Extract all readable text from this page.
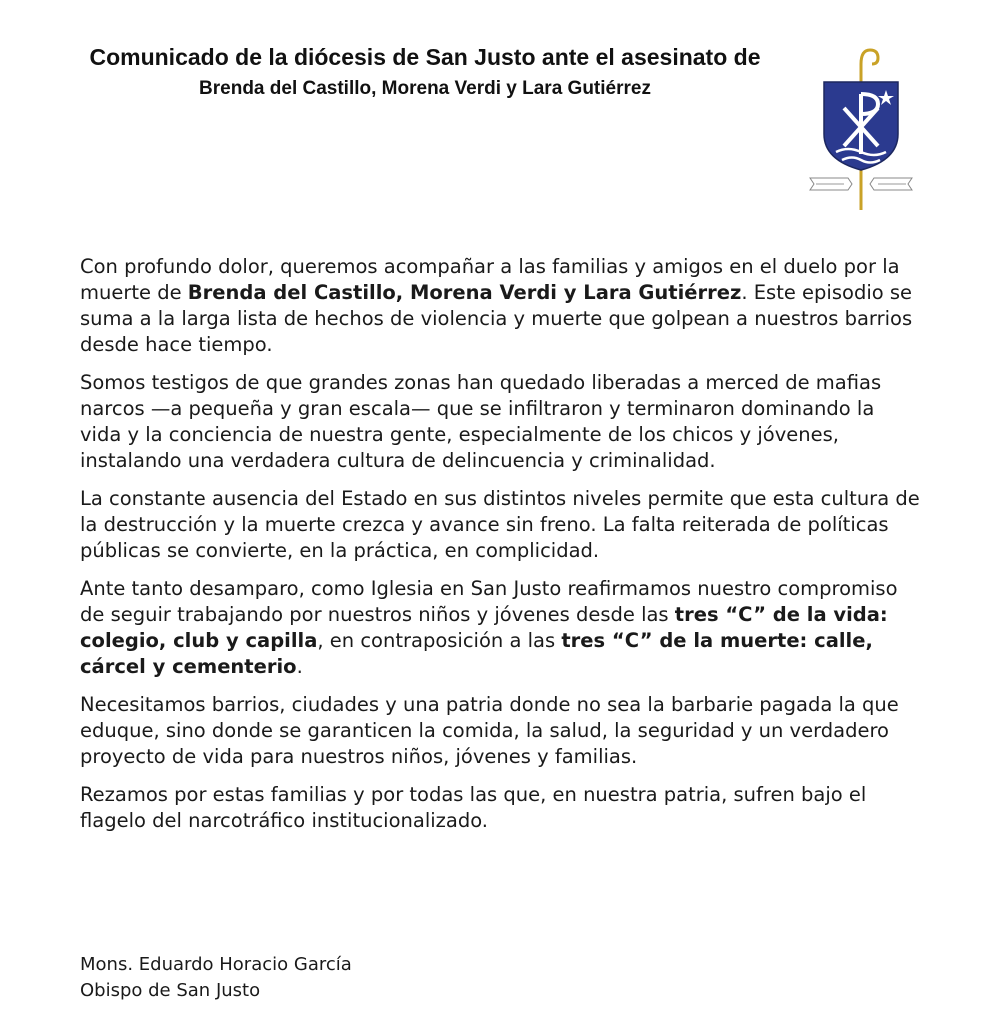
Comunicado de la diócesis de San Justo ante el asesinato de
Brenda del Castillo, Morena Verdi y Lara Gutiérrez

Con profundo dolor, queremos acompañar a las familias y amigos en el duelo por la muerte de Brenda del Castillo, Morena Verdi y Lara Gutiérrez. Este episodio se suma a la larga lista de hechos de violencia y muerte que golpean a nuestros barrios desde hace tiempo.

Somos testigos de que grandes zonas han quedado liberadas a merced de mafias narcos —a pequeña y gran escala— que se infiltraron y terminaron dominando la vida y la conciencia de nuestra gente, especialmente de los chicos y jóvenes, instalando una verdadera cultura de delincuencia y criminalidad.

La constante ausencia del Estado en sus distintos niveles permite que esta cultura de la destrucción y la muerte crezca y avance sin freno. La falta reiterada de políticas públicas se convierte, en la práctica, en complicidad.

Ante tanto desamparo, como Iglesia en San Justo reafirmamos nuestro compromiso de seguir trabajando por nuestros niños y jóvenes desde las tres “C” de la vida: colegio, club y capilla, en contraposición a las tres “C” de la muerte: calle, cárcel y cementerio.

Necesitamos barrios, ciudades y una patria donde no sea la barbarie pagada la que eduque, sino donde se garanticen la comida, la salud, la seguridad y un verdadero proyecto de vida para nuestros niños, jóvenes y familias.

Rezamos por estas familias y por todas las que, en nuestra patria, sufren bajo el flagelo del narcotráfico institucionalizado.

Mons. Eduardo Horacio García
Obispo de San Justo
